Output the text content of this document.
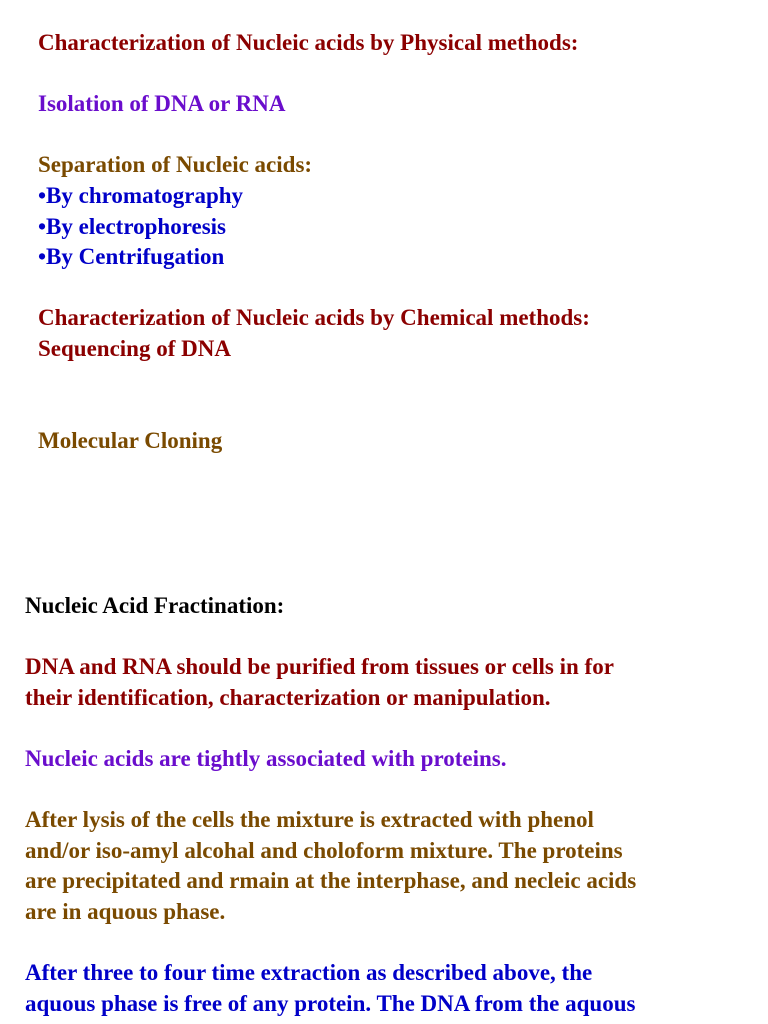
Characterization of Nucleic acids by Physical methods:

Isolation of DNA or RNA

Separation of Nucleic acids:

•By chromatography

•By electrophoresis

•By Centrifugation

Characterization of Nucleic acids by Chemical methods:

Sequencing of DNA

Molecular Cloning

Nucleic Acid Fractination:

DNA and RNA should be purified from tissues or cells in for

their identification, characterization or manipulation.

Nucleic acids are tightly associated with proteins.

After lysis of the cells the mixture is extracted with phenol

and/or iso-amyl alcohal and choloform mixture. The proteins

are precipitated and rmain at the interphase, and necleic acids

are in aquous phase.

After three to four time extraction as described above, the

aquous phase is free of any protein. The DNA from the aquous
